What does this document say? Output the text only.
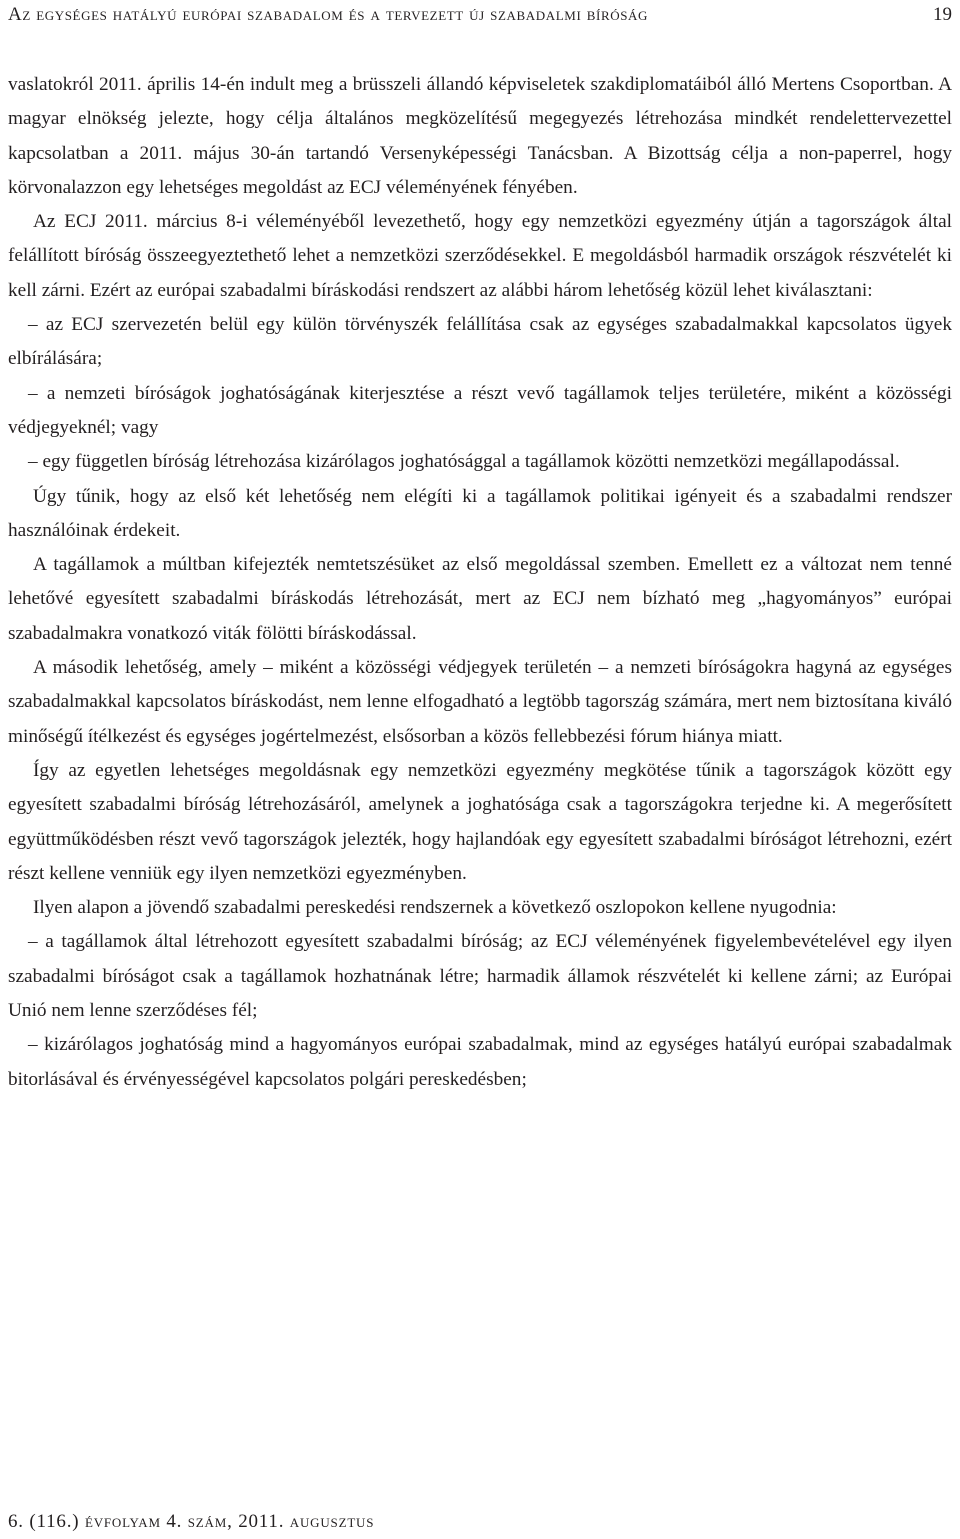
Az egységes hatályú európai szabadalom és a tervezett új szabadalmi bíróság	19

vaslatokról 2011. április 14-én indult meg a brüsszeli állandó képviseletek szakdiplomatáiból álló Mertens Csoportban. A magyar elnökség jelezte, hogy célja általános megközelítésű megegyezés létrehozása mindkét rendelettervezettel kapcsolatban a 2011. május 30-án tartandó Versenyképességi Tanácsban. A Bizottság célja a non-paperrel, hogy körvonalazzon egy lehetséges megoldást az ECJ véleményének fényében.

Az ECJ 2011. március 8-i véleményéből levezethető, hogy egy nemzetközi egyezmény útján a tagországok által felállított bíróság összeegyeztethető lehet a nemzetközi szerződésekkel. E megoldásból harmadik országok részvételét ki kell zárni. Ezért az európai szabadalmi bíráskodási rendszert az alábbi három lehetőség közül lehet kiválasztani:

– az ECJ szervezetén belül egy külön törvényszék felállítása csak az egységes szabadalmakkal kapcsolatos ügyek elbírálására;

– a nemzeti bíróságok joghatóságának kiterjesztése a részt vevő tagállamok teljes területére, miként a közösségi védjegyeknél; vagy

– egy független bíróság létrehozása kizárólagos joghatósággal a tagállamok közötti nemzetközi megállapodással.

Úgy tűnik, hogy az első két lehetőség nem elégíti ki a tagállamok politikai igényeit és a szabadalmi rendszer használóinak érdekeit.

A tagállamok a múltban kifejezték nemtetszésüket az első megoldással szemben. Emellett ez a változat nem tenné lehetővé egyesített szabadalmi bíráskodás létrehozását, mert az ECJ nem bízható meg „hagyományos” európai szabadalmakra vonatkozó viták fölötti bíráskodással.

A második lehetőség, amely – miként a közösségi védjegyek területén – a nemzeti bíróságokra hagyná az egységes szabadalmakkal kapcsolatos bíráskodást, nem lenne elfogadható a legtöbb tagország számára, mert nem biztosítana kiváló minőségű ítélkezést és egységes jogértelmezést, elsősorban a közös fellebbezési fórum hiánya miatt.

Így az egyetlen lehetséges megoldásnak egy nemzetközi egyezmény megkötése tűnik a tagországok között egy egyesített szabadalmi bíróság létrehozásáról, amelynek a joghatósága csak a tagországokra terjedne ki. A megerősített együttműködésben részt vevő tagországok jelezték, hogy hajlandóak egy egyesített szabadalmi bíróságot létrehozni, ezért részt kellene venniük egy ilyen nemzetközi egyezményben.

Ilyen alapon a jövendő szabadalmi pereskedési rendszernek a következő oszlopokon kellene nyugodnia:

– a tagállamok által létrehozott egyesített szabadalmi bíróság; az ECJ véleményének figyelembevételével egy ilyen szabadalmi bíróságot csak a tagállamok hozhatnának létre; harmadik államok részvételét ki kellene zárni; az Európai Unió nem lenne szerződéses fél;

– kizárólagos joghatóság mind a hagyományos európai szabadalmak, mind az egységes hatályú európai szabadalmak bitorlásával és érvényességével kapcsolatos polgári pereskedésben;

6. (116.) évfolyam 4. szám, 2011. augusztus
